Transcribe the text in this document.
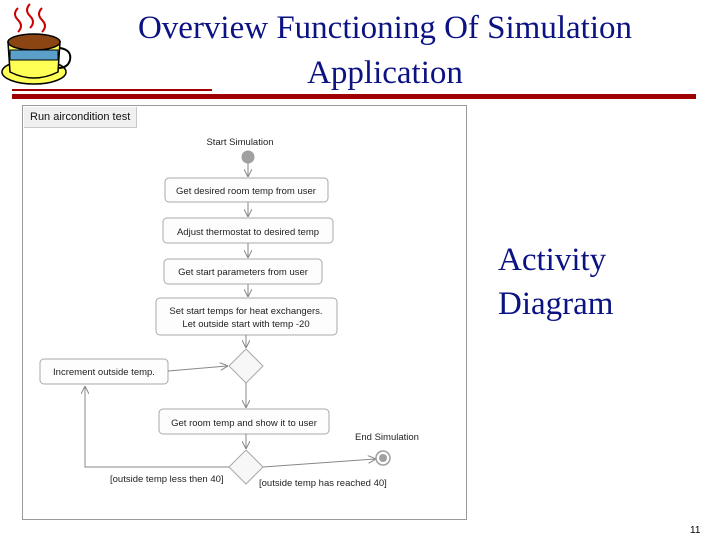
Overview Functioning Of Simulation
Application
Run aircondition test
Start Simulation
Get desired room temp from user
Adjust thermostat to desired temp
Get start parameters from user
Set start temps for heat exchangers.
Let outside start with temp -20
Increment outside temp.
Get room temp and show it to user
[outside temp less then 40]	[outside temp has reached 40]
End Simulation
Activity
Diagram
11
